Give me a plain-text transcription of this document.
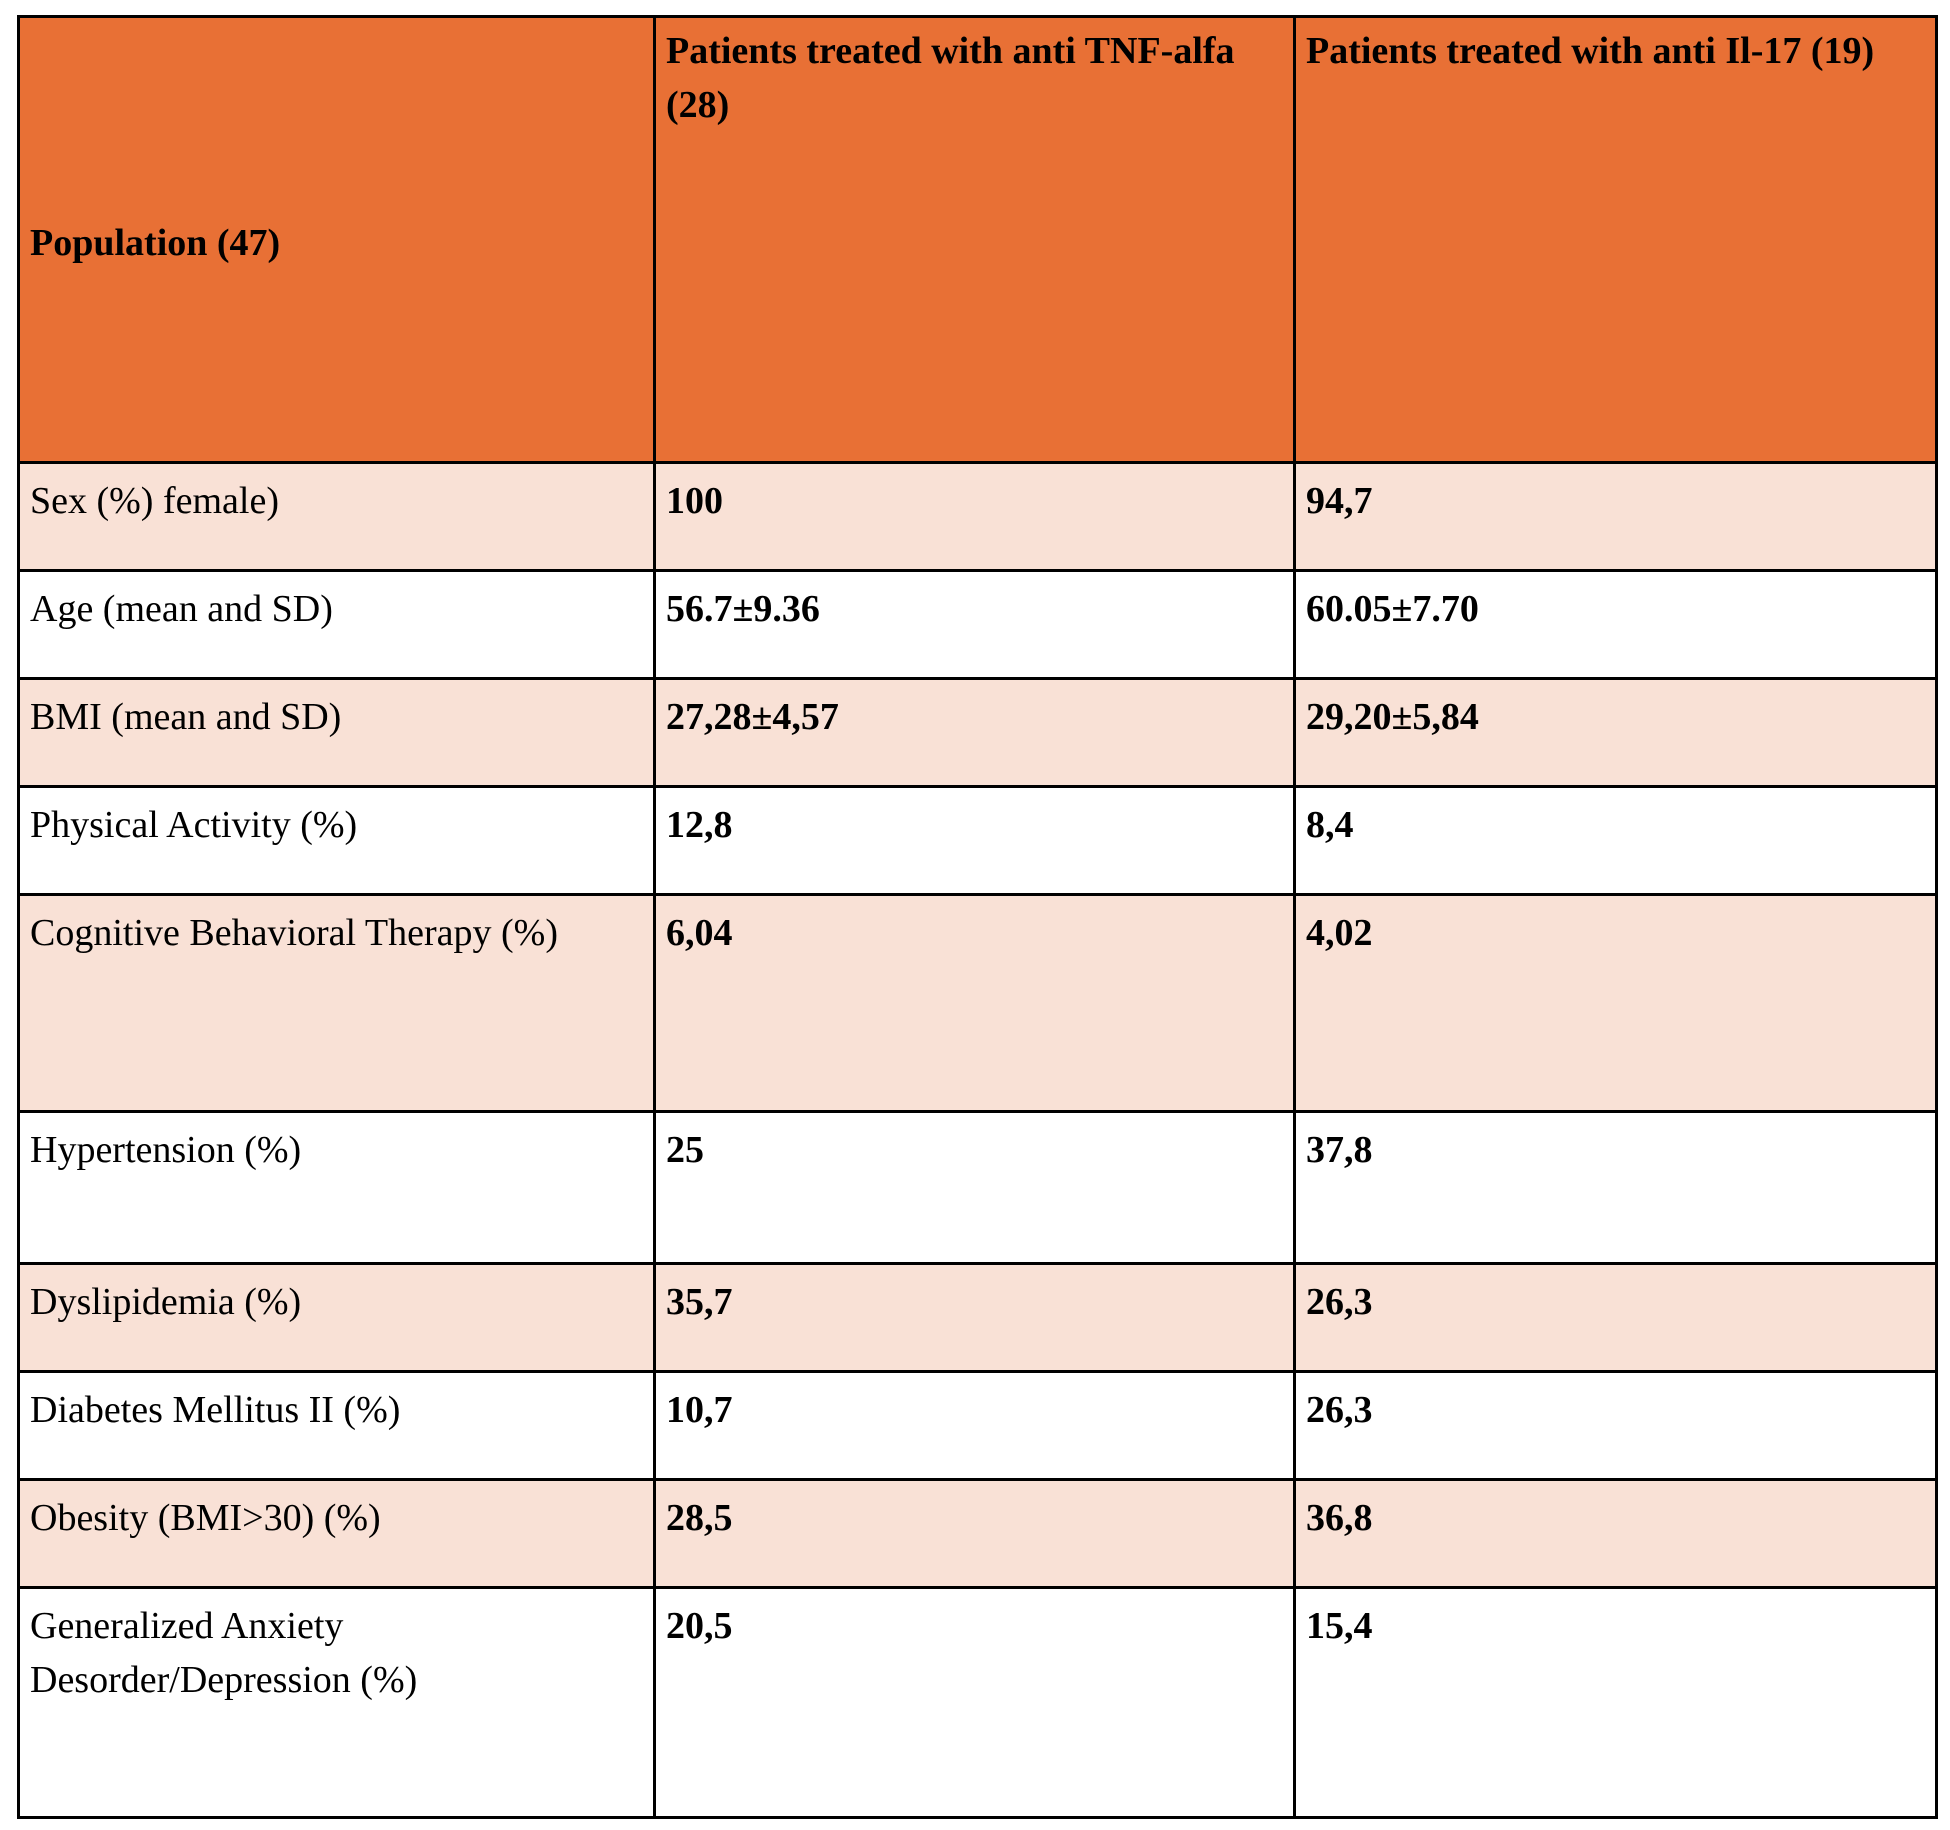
Population (47)	Patients treated with anti TNF-alfa (28)	Patients treated with anti Il-17 (19)
Sex (%) female)	100	94,7
Age (mean and SD)	56.7±9.36	60.05±7.70
BMI (mean and SD)	27,28±4,57	29,20±5,84
Physical Activity (%)	12,8	8,4
Cognitive Behavioral Therapy (%)	6,04	4,02
Hypertension (%)	25	37,8
Dyslipidemia (%)	35,7	26,3
Diabetes Mellitus II (%)	10,7	26,3
Obesity (BMI>30) (%)	28,5	36,8
Generalized Anxiety Desorder/Depression (%)	20,5	15,4
